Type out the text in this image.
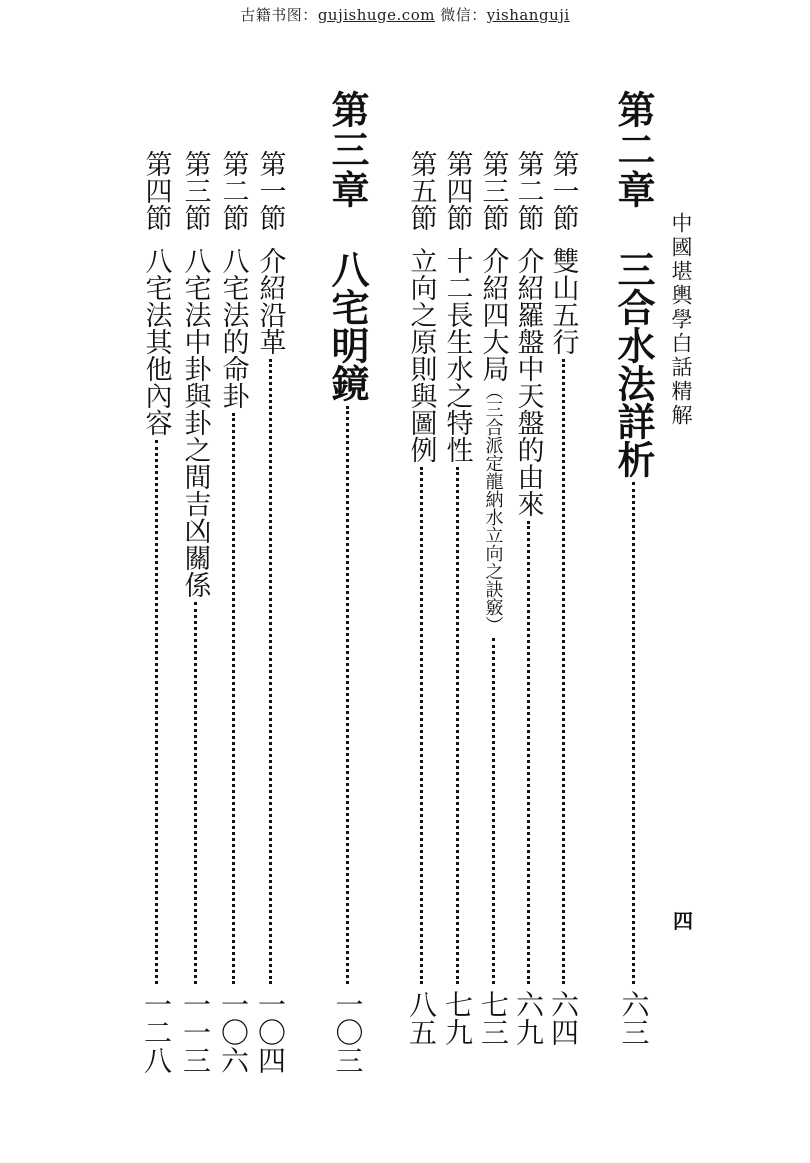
古籍书图：gujishuge.com 微信：yishanguji
中國堪輿學白話精解
四
第二章三合水法詳析
六三
第一節雙山五行
六四
第二節介紹羅盤中天盤的由來
六九
第三節介紹四大局（三合派定龍納水立向之訣竅）
七三
第四節十二長生水之特性
七九
第五節立向之原則與圖例
八五
第三章八宅明鏡
一〇三
第一節介紹沿革
一〇四
第二節八宅法的命卦
一〇六
第三節八宅法中卦與卦之間吉凶關係
一一三
第四節八宅法其他內容
一二八
